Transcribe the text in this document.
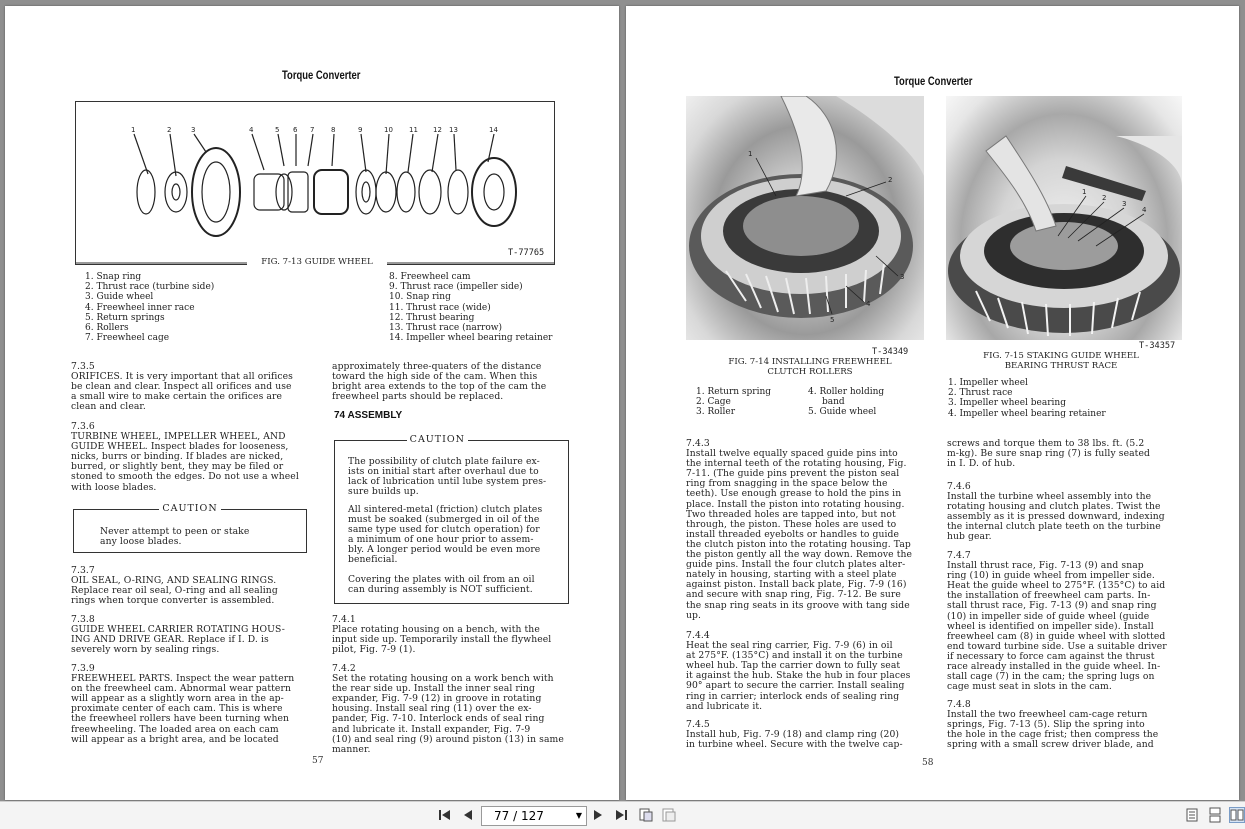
Torque Converter
1	2	3	4	5 6 7 8	9	10 11 12 13	14
T-77765
FIG. 7-13 GUIDE WHEEL
1. Snap ring
2. Thrust race (turbine side)
3. Guide wheel
4. Freewheel inner race
5. Return springs
6. Rollers
7. Freewheel cage
8. Freewheel cam
9. Thrust race (impeller side)
10. Snap ring
11. Thrust race (wide)
12. Thrust bearing
13. Thrust race (narrow)
14. Impeller wheel bearing retainer

7.3.5

ORIFICES. It is very important that all orifices

be clean and clear. Inspect all orifices and use

a small wire to make certain the orifices are

clean and clear.

7.3.6

TURBINE WHEEL, IMPELLER WHEEL, AND

GUIDE WHEEL. Inspect blades for looseness,

nicks, burrs or binding. If blades are nicked,

burred, or slightly bent, they may be filed or

stoned to smooth the edges. Do not use a wheel

with loose blades.

CAUTION

Never attempt to peen or stake

any loose blades.

7.3.7

OIL SEAL, O-RING, AND SEALING RINGS.

Replace rear oil seal, O-ring and all sealing

rings when torque converter is assembled.

7.3.8

GUIDE WHEEL CARRIER ROTATING HOUS-

ING AND DRIVE GEAR. Replace if I. D. is

severely worn by sealing rings.

7.3.9

FREEWHEEL PARTS. Inspect the wear pattern

on the freewheel cam. Abnormal wear pattern

will appear as a slightly worn area in the ap-

proximate center of each cam. This is where

the freewheel rollers have been turning when

freewheeling. The loaded area on each cam

will appear as a bright area, and be located

approximately three-quaters of the distance

toward the high side of the cam. When this

bright area extends to the top of the cam the

freewheel parts should be replaced.

74 ASSEMBLY
CAUTION

The possibility of clutch plate failure ex-

ists on initial start after overhaul due to

lack of lubrication until lube system pres-

sure builds up.

All sintered-metal (friction) clutch plates

must be soaked (submerged in oil of the

same type used for clutch operation) for

a minimum of one hour prior to assem-

bly. A longer period would be even more

beneficial.

Covering the plates with oil from an oil

can during assembly is NOT sufficient.

7.4.1

Place rotating housing on a bench, with the

input side up. Temporarily install the flywheel

pilot, Fig. 7-9 (1).

7.4.2

Set the rotating housing on a work bench with

the rear side up. Install the inner seal ring

expander, Fig. 7-9 (12) in groove in rotating

housing. Install seal ring (11) over the ex-

pander, Fig. 7-10. Interlock ends of seal ring

and lubricate it. Install expander, Fig. 7-9

(10) and seal ring (9) around piston (13) in same

manner.

57
Torque Converter
1
2
3
4
5
T-34349
FIG. 7-14 INSTALLING FREEWHEEL
CLUTCH ROLLERS
1. Return spring
2. Cage
3. Roller
4. Roller holding
band
5. Guide wheel
1
2
3
4
T-34357
FIG. 7-15 STAKING GUIDE WHEEL
BEARING THRUST RACE
1. Impeller wheel
2. Thrust race
3. Impeller wheel bearing
4. Impeller wheel bearing retainer

7.4.3

Install twelve equally spaced guide pins into

the internal teeth of the rotating housing, Fig.

7-11. (The guide pins prevent the piston seal

ring from snagging in the space below the

teeth). Use enough grease to hold the pins in

place. Install the piston into rotating housing.

Two threaded holes are tapped into, but not

through, the piston. These holes are used to

install threaded eyebolts or handles to guide

the clutch piston into the rotating housing. Tap

the piston gently all the way down. Remove the

guide pins. Install the four clutch plates alter-

nately in housing, starting with a steel plate

against piston. Install back plate, Fig. 7-9 (16)

and secure with snap ring, Fig. 7-12. Be sure

the snap ring seats in its groove with tang side

up.

7.4.4

Heat the seal ring carrier, Fig. 7-9 (6) in oil

at 275°F. (135°C) and install it on the turbine

wheel hub. Tap the carrier down to fully seat

it against the hub. Stake the hub in four places

90° apart to secure the carrier. Install sealing

ring in carrier; interlock ends of sealing ring

and lubricate it.

7.4.5

Install hub, Fig. 7-9 (18) and clamp ring (20)

in turbine wheel. Secure with the twelve cap-

screws and torque them to 38 lbs. ft. (5.2

m-kg). Be sure snap ring (7) is fully seated

in I. D. of hub.

7.4.6

Install the turbine wheel assembly into the

rotating housing and clutch plates. Twist the

assembly as it is pressed downward, indexing

the internal clutch plate teeth on the turbine

hub gear.

7.4.7

Install thrust race, Fig. 7-13 (9) and snap

ring (10) in guide wheel from impeller side.

Heat the guide wheel to 275°F. (135°C) to aid

the installation of freewheel cam parts. In-

stall thrust race, Fig. 7-13 (9) and snap ring

(10) in impeller side of guide wheel (guide

wheel is identified on impeller side). Install

freewheel cam (8) in guide wheel with slotted

end toward turbine side. Use a suitable driver

if necessary to force cam against the thrust

race already installed in the guide wheel. In-

stall cage (7) in the cam; the spring lugs on

cage must seat in slots in the cam.

7.4.8

Install the two freewheel cam-cage return

springs, Fig. 7-13 (5). Slip the spring into

the hole in the cage frist; then compress the

spring with a small screw driver blade, and

58
77 / 127	▼
